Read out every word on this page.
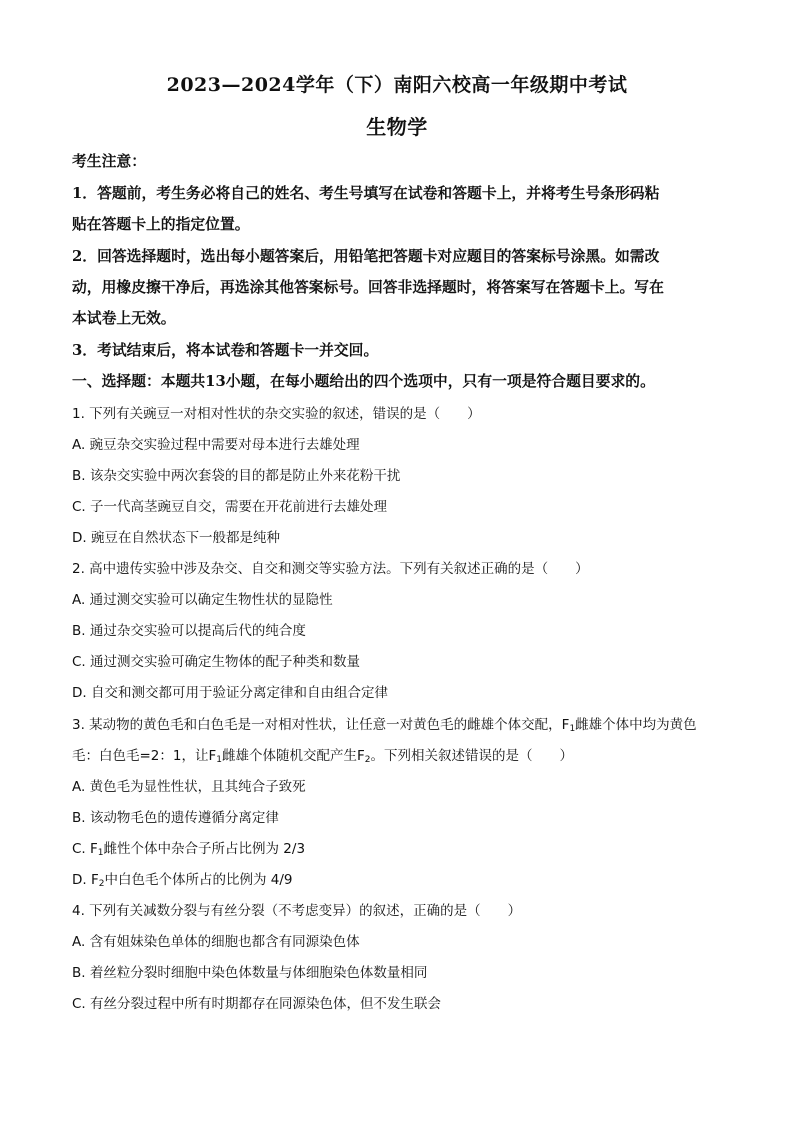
2023—2024学年（下）南阳六校高一年级期中考试
生物学
考生注意：
1．答题前，考生务必将自己的姓名、考生号填写在试卷和答题卡上，并将考生号条形码粘
贴在答题卡上的指定位置。
2．回答选择题时，选出每小题答案后，用铅笔把答题卡对应题目的答案标号涂黑。如需改
动，用橡皮擦干净后，再选涂其他答案标号。回答非选择题时，将答案写在答题卡上。写在
本试卷上无效。
3．考试结束后，将本试卷和答题卡一并交回。
一、选择题：本题共13小题，在每小题给出的四个选项中，只有一项是符合题目要求的。
1. 下列有关豌豆一对相对性状的杂交实验的叙述，错误的是（　　）
A. 豌豆杂交实验过程中需要对母本进行去雄处理
B. 该杂交实验中两次套袋的目的都是防止外来花粉干扰
C. 子一代高茎豌豆自交，需要在开花前进行去雄处理
D. 豌豆在自然状态下一般都是纯种
2. 高中遗传实验中涉及杂交、自交和测交等实验方法。下列有关叙述正确的是（　　）
A. 通过测交实验可以确定生物性状的显隐性
B. 通过杂交实验可以提高后代的纯合度
C. 通过测交实验可确定生物体的配子种类和数量
D. 自交和测交都可用于验证分离定律和自由组合定律
3. 某动物的黄色毛和白色毛是一对相对性状，让任意一对黄色毛的雌雄个体交配，$F_1$雌雄个体中均为黄色
毛：白色毛=2：1，让$F_1$雌雄个体随机交配产生$F_2$。下列相关叙述错误的是（　　）
A. 黄色毛为显性性状，且其纯合子致死
B. 该动物毛色的遗传遵循分离定律
C. $F_1$雌性个体中杂合子所占比例为 2/3
D. $F_2$中白色毛个体所占的比例为 4/9
4. 下列有关减数分裂与有丝分裂（不考虑变异）的叙述，正确的是（　　）
A. 含有姐妹染色单体的细胞也都含有同源染色体
B. 着丝粒分裂时细胞中染色体数量与体细胞染色体数量相同
C. 有丝分裂过程中所有时期都存在同源染色体，但不发生联会
